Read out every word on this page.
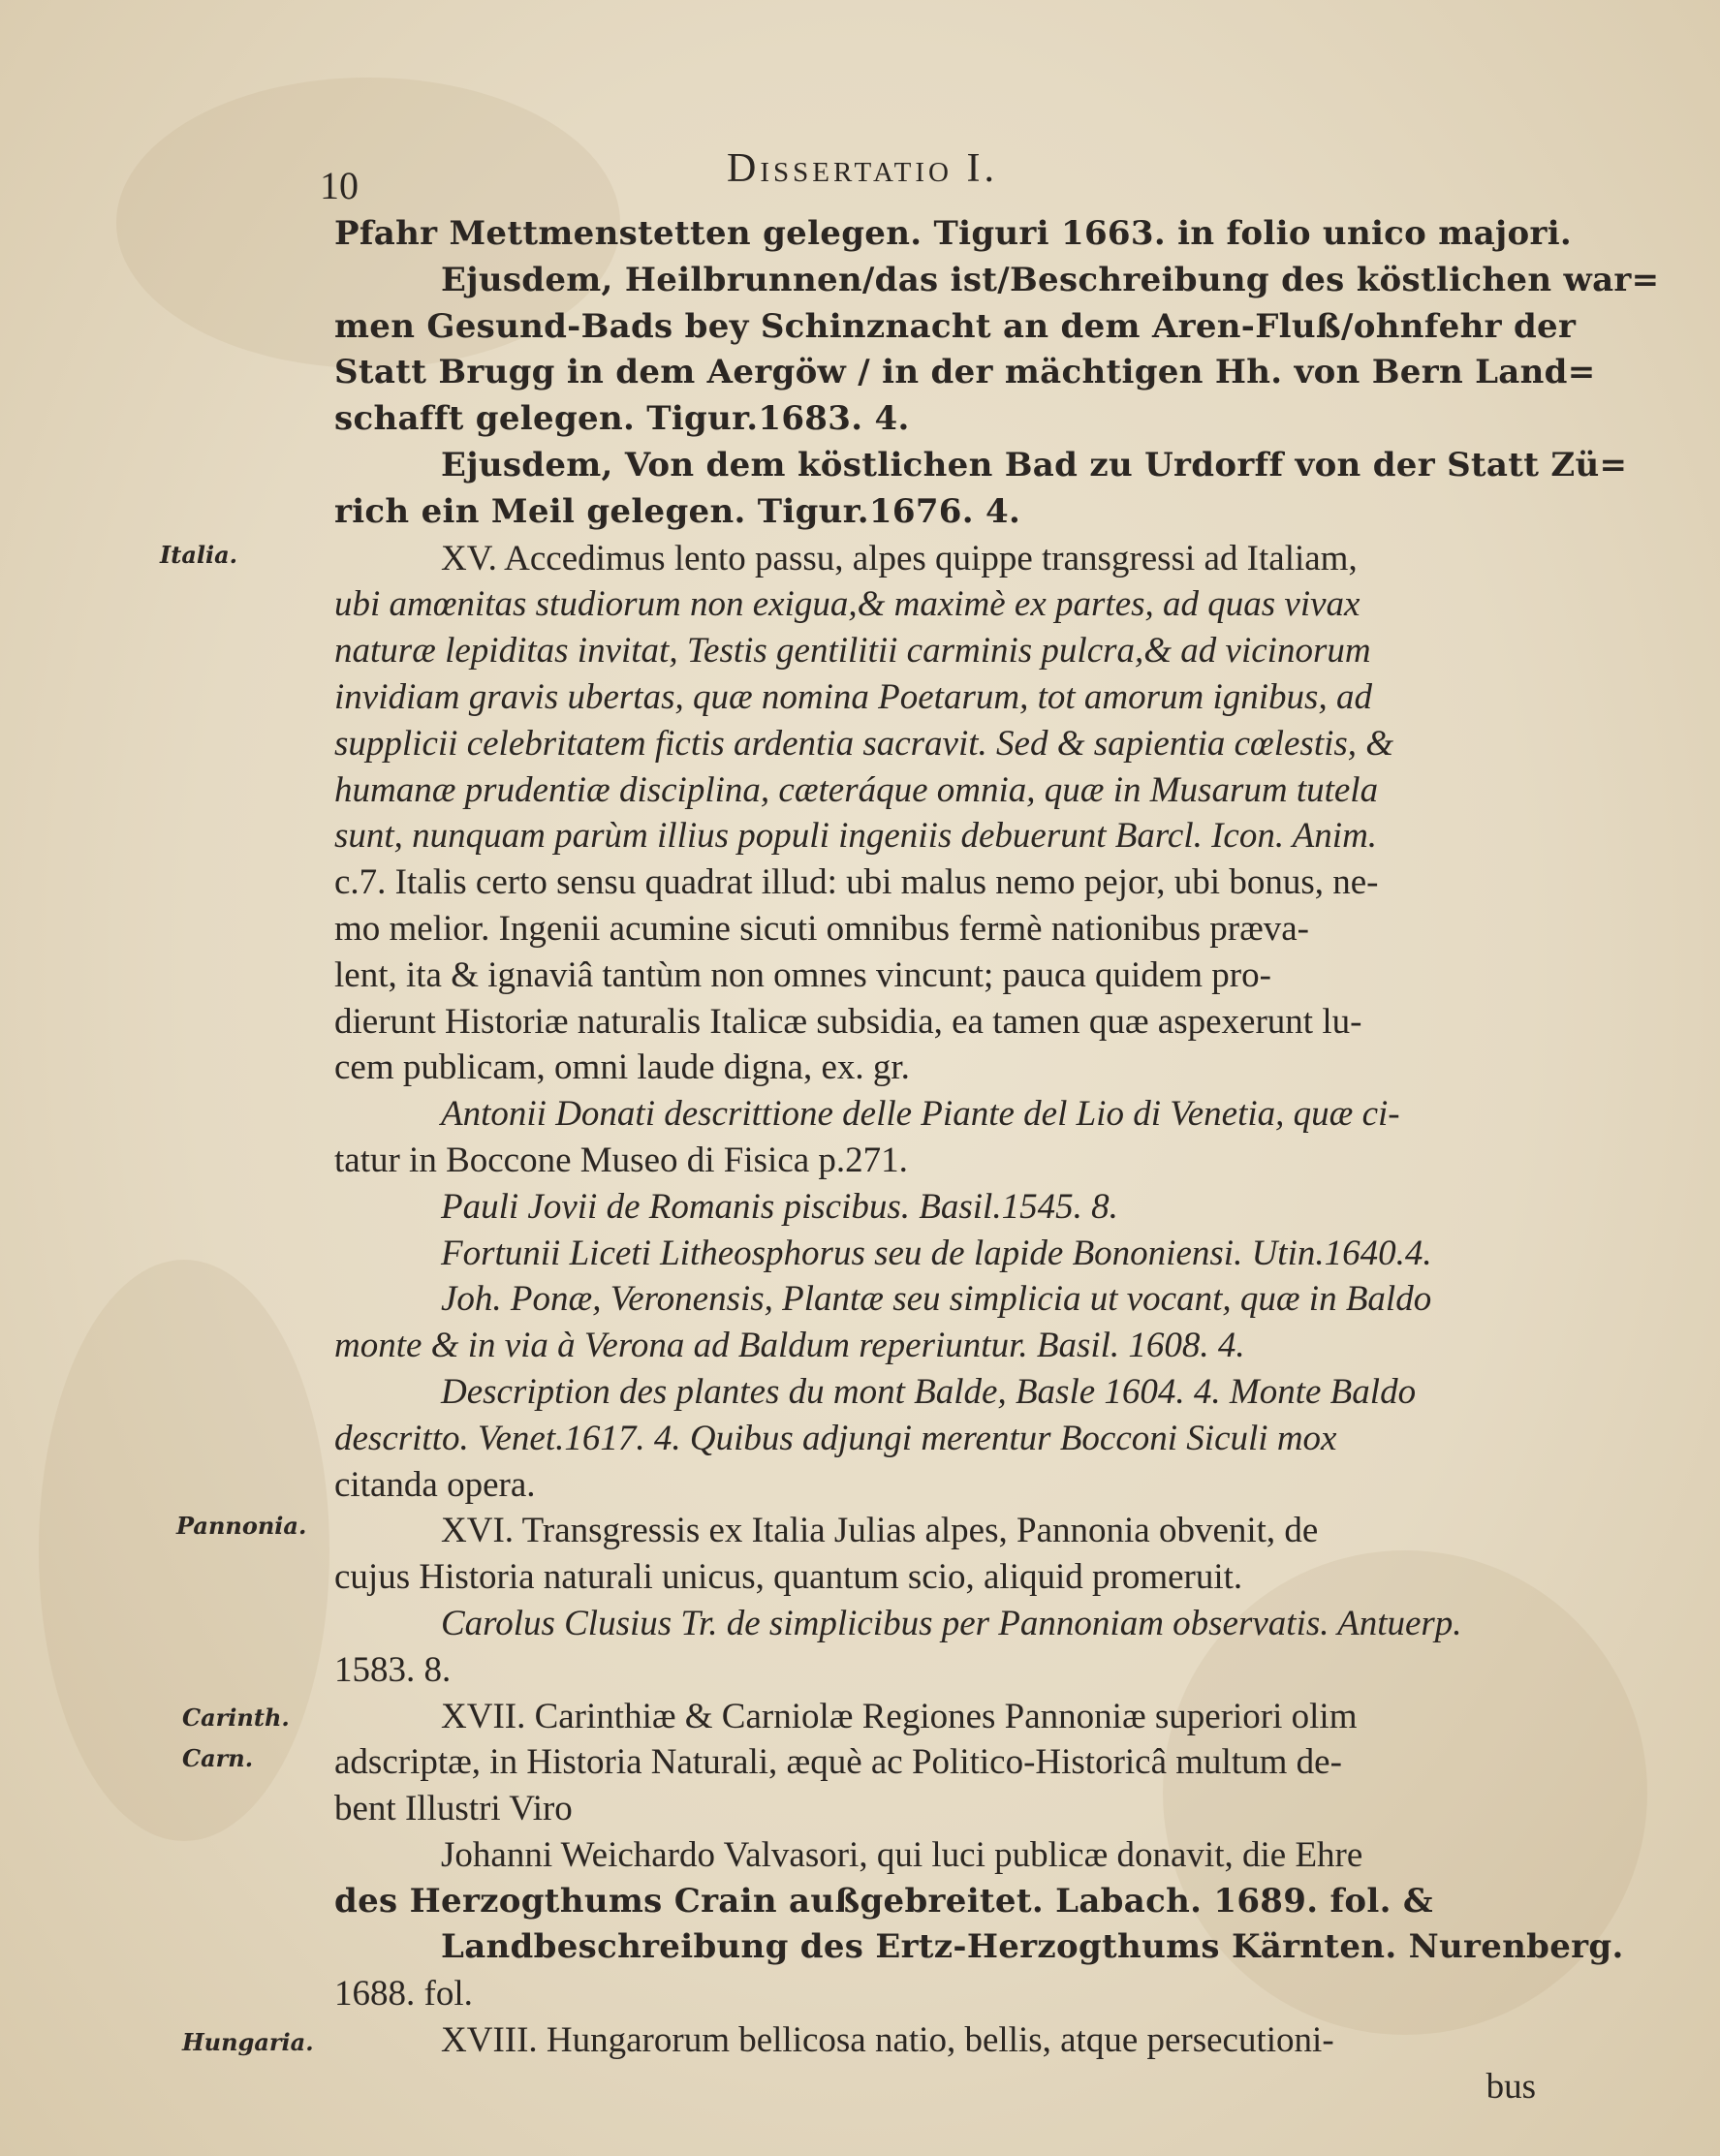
10	Dissertatio I.
Italia.
Pannonia.
Carinth.
Carn.
Hungaria.
Pfahr Mettmenstetten gelegen. Tiguri 1663. in folio unico majori.
Ejusdem, Heilbrunnen/das ist/Beschreibung des köstlichen war=
men Gesund-Bads bey Schinznacht an dem Aren-Fluß/ohnfehr der
Statt Brugg in dem Aergöw / in der mächtigen Hh. von Bern Land=
schafft gelegen. Tigur.1683. 4.
Ejusdem, Von dem köstlichen Bad zu Urdorff von der Statt Zü=
rich ein Meil gelegen. Tigur.1676. 4.
XV. Accedimus lento passu, alpes quippe transgressi ad Italiam,
ubi amœnitas studiorum non exigua,& maximè ex partes, ad quas vivax
naturæ lepiditas invitat, Testis gentilitii carminis pulcra,& ad vicinorum
invidiam gravis ubertas, quæ nomina Poetarum, tot amorum ignibus, ad
supplicii celebritatem fictis ardentia sacravit. Sed & sapientia cœlestis, &
humanæ prudentiæ disciplina, cæteráque omnia, quæ in Musarum tutela
sunt, nunquam parùm illius populi ingeniis debuerunt Barcl. Icon. Anim.
c.7. Italis certo sensu quadrat illud: ubi malus nemo pejor, ubi bonus, ne-
mo melior. Ingenii acumine sicuti omnibus fermè nationibus præva-
lent, ita & ignaviâ tantùm non omnes vincunt; pauca quidem pro-
dierunt Historiæ naturalis Italicæ subsidia, ea tamen quæ aspexerunt lu-
cem publicam, omni laude digna, ex. gr.
Antonii Donati descrittione delle Piante del Lio di Venetia, quæ ci-
tatur in Boccone Museo di Fisica p.271.
Pauli Jovii de Romanis piscibus. Basil.1545. 8.
Fortunii Liceti Litheosphorus seu de lapide Bononiensi. Utin.1640.4.
Joh. Ponæ, Veronensis, Plantæ seu simplicia ut vocant, quæ in Baldo
monte & in via à Verona ad Baldum reperiuntur. Basil. 1608. 4.
Description des plantes du mont Balde, Basle 1604. 4. Monte Baldo
descritto. Venet.1617. 4. Quibus adjungi merentur Bocconi Siculi mox
citanda opera.
XVI. Transgressis ex Italia Julias alpes, Pannonia obvenit, de
cujus Historia naturali unicus, quantum scio, aliquid promeruit.
Carolus Clusius Tr. de simplicibus per Pannoniam observatis. Antuerp.
1583. 8.
XVII. Carinthiæ & Carniolæ Regiones Pannoniæ superiori olim
adscriptæ, in Historia Naturali, æquè ac Politico-Historicâ multum de-
bent Illustri Viro
Johanni Weichardo Valvasori, qui luci publicæ donavit, die Ehre
des Herzogthums Crain außgebreitet. Labach. 1689. fol. &
Landbeschreibung des Ertz-Herzogthums Kärnten. Nurenberg.
1688. fol.
XVIII. Hungarorum bellicosa natio, bellis, atque persecutioni-
bus
